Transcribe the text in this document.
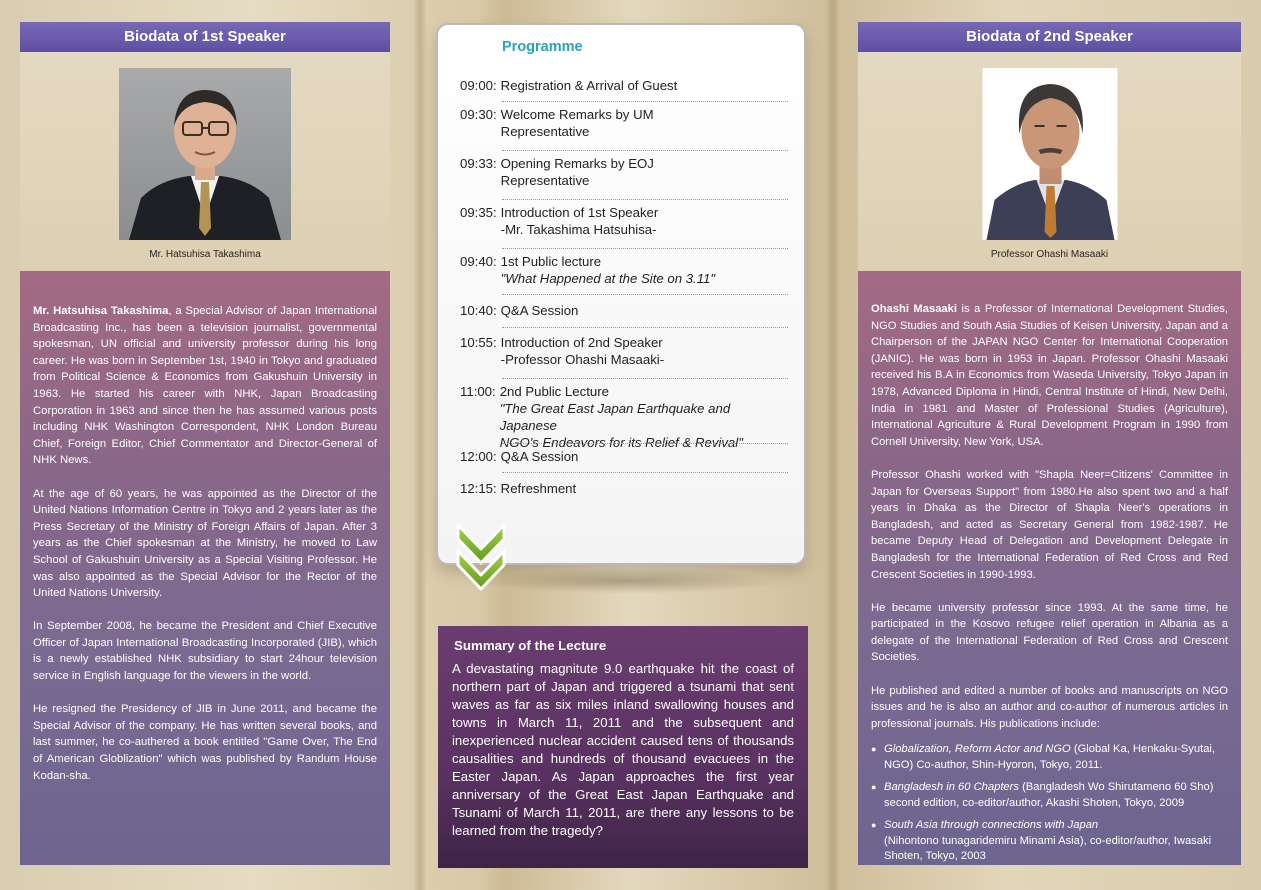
Biodata of 1st Speaker
Mr. Hatsuhisa Takashima

Mr. Hatsuhisa Takashima, a Special Advisor of Japan International Broadcasting Inc., has been a television journalist, governmental spokesman, UN official and university professor during his long career. He was born in September 1st, 1940 in Tokyo and graduated from Political Science & Economics from Gakushuin University in 1963. He started his career with NHK, Japan Broadcasting Corporation in 1963 and since then he has assumed various posts including NHK Washington Correspondent, NHK London Bureau Chief, Foreign Editor, Chief Commentator and Director-General of NHK News.

At the age of 60 years, he was appointed as the Director of the United Nations Information Centre in Tokyo and 2 years later as the Press Secretary of the Ministry of Foreign Affairs of Japan. After 3 years as the Chief spokesman at the Ministry, he moved to Law School of Gakushuin University as a Special Visiting Professor. He was also appointed as the Special Advisor for the Rector of the United Nations University.

In September 2008, he became the President and Chief Executive Officer of Japan International Broadcasting Incorporated (JIB), which is a newly established NHK subsidiary to start 24hour television service in English language for the viewers in the world.

He resigned the Presidency of JIB in June 2011, and became the Special Advisor of the company. He has written several books, and last summer, he co-authered a book entitled "Game Over, The End of American Globlization" which was published by Randum House Kodan-sha.

Programme
09:00: Registration & Arrival of Guest
09:30: Welcome Remarks by UM
Representative
09:33: Opening Remarks by EOJ
Representative
09:35: Introduction of 1st Speaker
-Mr. Takashima Hatsuhisa-
09:40: 1st Public lecture
"What Happened at the Site on 3.11"
10:40: Q&A Session
10:55: Introduction of 2nd Speaker
-Professor Ohashi Masaaki-
11:00: 2nd Public Lecture
"The Great East Japan Earthquake and Japanese
NGO's Endeavors for its Relief & Revival"
12:00: Q&A Session
12:15: Refreshment
Summary of the Lecture

A devastating magnitute 9.0 earthquake hit the coast of northern part of Japan and triggered a tsunami that sent waves as far as six miles inland swallowing houses and towns in March 11, 2011 and the subsequent and inexperienced nuclear accident caused tens of thousands causalities and hundreds of thousand evacuees in the Easter Japan. As Japan approaches the first year anniversary of the Great East Japan Earthquake and Tsunami of March 11, 2011, are there any lessons to be learned from the tragedy?

Biodata of 2nd Speaker
Professor Ohashi Masaaki

Ohashi Masaaki is a Professor of International Development Studies, NGO Studies and South Asia Studies of Keisen University, Japan and a Chairperson of the JAPAN NGO Center for International Cooperation (JANIC). He was born in 1953 in Japan. Professor Ohashi Masaaki received his B.A in Economics from Waseda University, Tokyo Japan in 1978, Advanced Diploma in Hindi, Central Institute of Hindi, New Delhi, India in 1981 and Master of Professional Studies (Agriculture), International Agriculture & Rural Development Program in 1990 from Cornell University, New York, USA.

Professor Ohashi worked with "Shapla Neer=Citizens' Committee in Japan for Overseas Support" from 1980.He also spent two and a half years in Dhaka as the Director of Shapla Neer's operations in Bangladesh, and acted as Secretary General from 1982-1987. He became Deputy Head of Delegation and Development Delegate in Bangladesh for the International Federation of Red Cross and Red Crescent Societies in 1990-1993.

He became university professor since 1993. At the same time, he participated in the Kosovo refugee relief operation in Albania as a delegate of the International Federation of Red Cross and Crescent Societies.

He published and edited a number of books and manuscripts on NGO issues and he is also an author and co-author of numerous articles in professional journals. His publications include:

● Globalization, Reform Actor and NGO (Global Ka, Henkaku-Syutai, NGO) Co-author, Shin-Hyoron, Tokyo, 2011.
● Bangladesh in 60 Chapters (Bangladesh Wo Shirutameno 60 Sho) second edition, co-editor/author, Akashi Shoten, Tokyo, 2009
● South Asia through connections with Japan
(Nihontono tunagaridemiru Minami Asia), co-editor/author, Iwasaki Shoten, Tokyo, 2003
